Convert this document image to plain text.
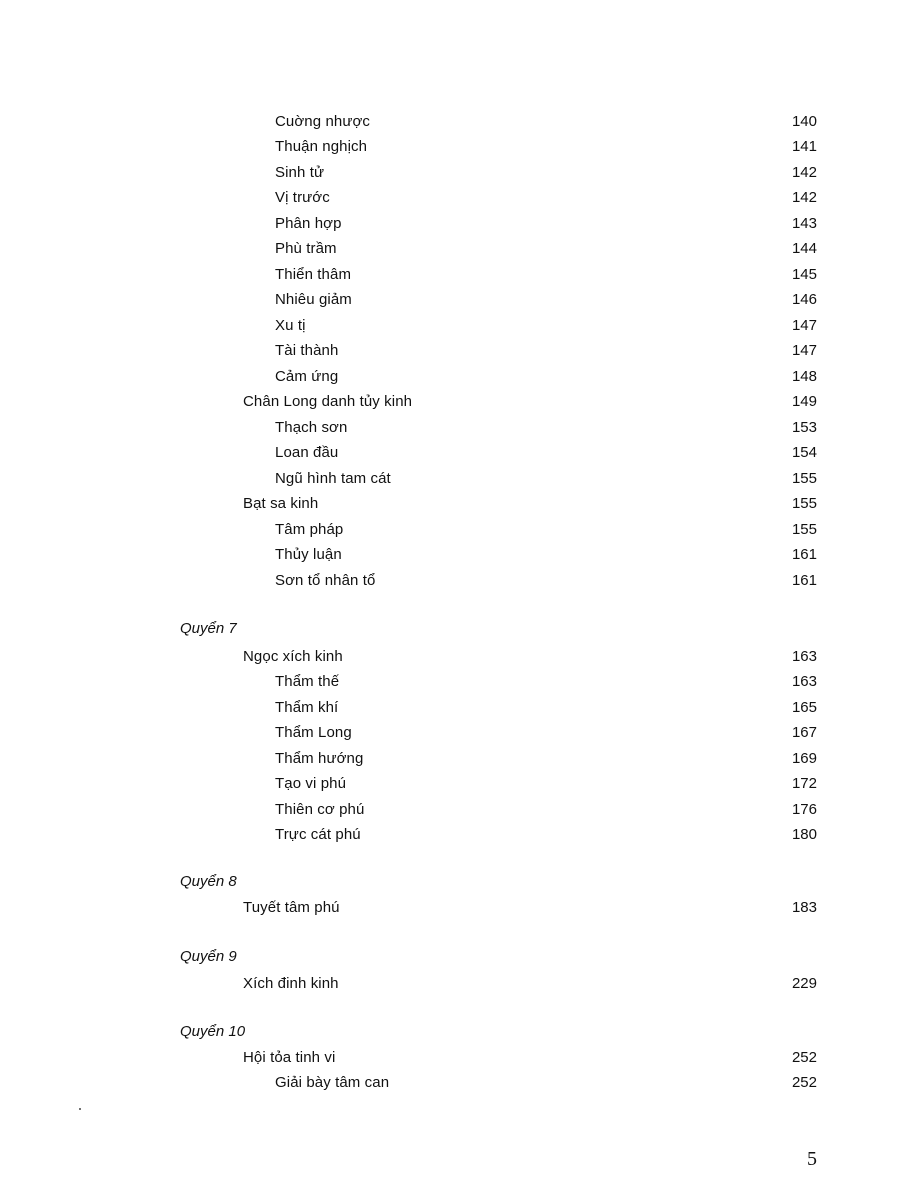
Cuờng nhược	140
Thuận nghịch	141
Sinh tử	142
Vị trước	142
Phân hợp	143
Phù trầm	144
Thiển thâm	145
Nhiêu giảm	146
Xu tị	147
Tài thành	147
Cảm ứng	148
Chân Long danh tủy kinh	149
Thạch sơn	153
Loan đầu	154
Ngũ hình tam cát	155
Bạt sa kinh	155
Tâm pháp	155
Thủy luận	161
Sơn tổ nhân tổ	161
Quyển 7
Ngọc xích kinh	163
Thẩm thế	163
Thẩm khí	165
Thẩm Long	167
Thẩm hướng	169
Tạo vi phú	172
Thiên cơ phú	176
Trực cát phú	180
Quyển 8
Tuyết tâm phú	183
Quyển 9
Xích đinh kinh	229
Quyển 10
Hội tỏa tinh vi	252
Giải bày tâm can	252
5
